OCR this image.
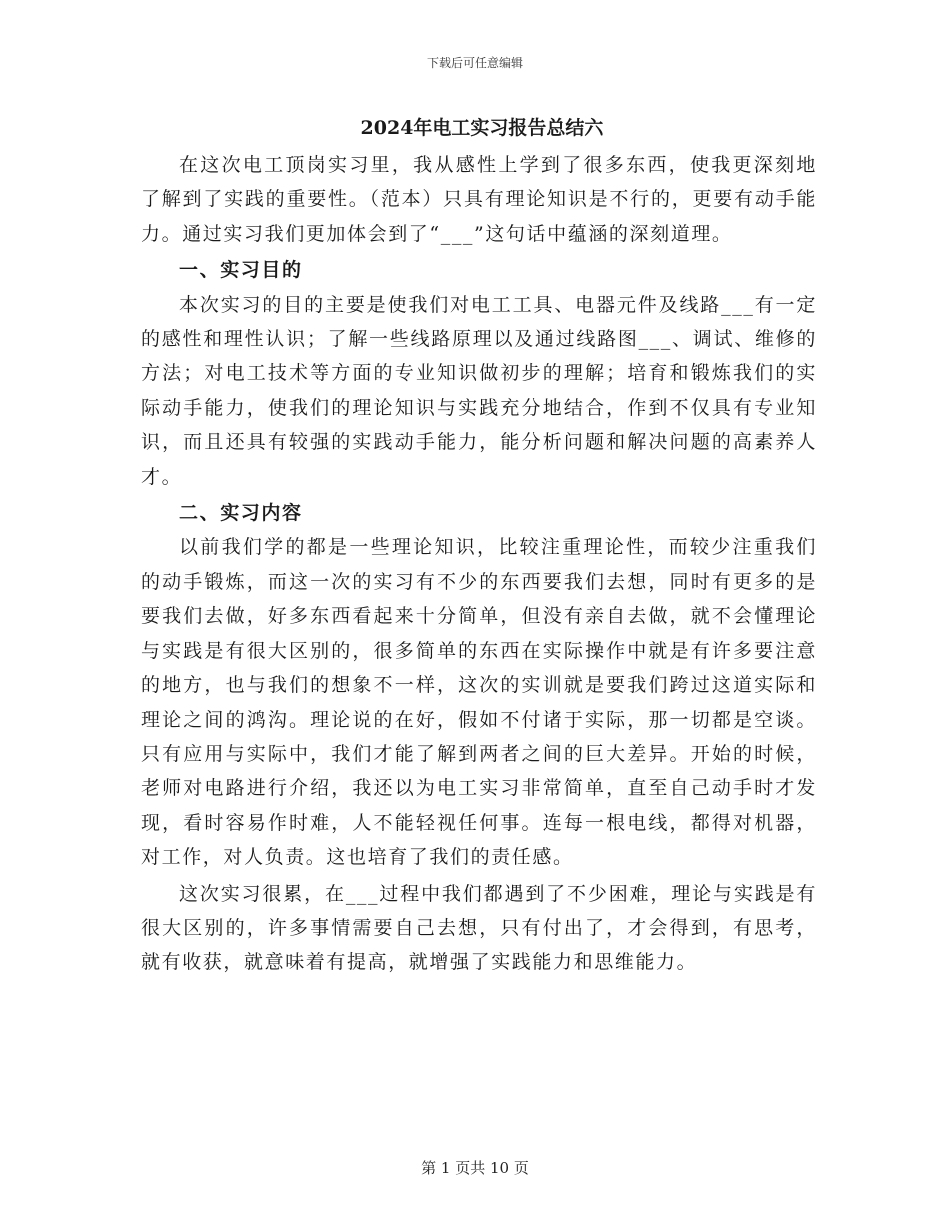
下载后可任意编辑
2024年电工实习报告总结六

在这次电工顶岗实习里，我从感性上学到了很多东西，使我更深刻地了解到了实践的重要性。（范本）只具有理论知识是不行的，更要有动手能力。通过实习我们更加体会到了“___”这句话中蕴涵的深刻道理。

一、实习目的

本次实习的目的主要是使我们对电工工具、电器元件及线路___有一定的感性和理性认识；了解一些线路原理以及通过线路图___、调试、维修的方法；对电工技术等方面的专业知识做初步的理解；培育和锻炼我们的实际动手能力，使我们的理论知识与实践充分地结合，作到不仅具有专业知识，而且还具有较强的实践动手能力，能分析问题和解决问题的高素养人才。

二、实习内容

以前我们学的都是一些理论知识，比较注重理论性，而较少注重我们的动手锻炼，而这一次的实习有不少的东西要我们去想，同时有更多的是要我们去做，好多东西看起来十分简单，但没有亲自去做，就不会懂理论与实践是有很大区别的，很多简单的东西在实际操作中就是有许多要注意的地方，也与我们的想象不一样，这次的实训就是要我们跨过这道实际和理论之间的鸿沟。理论说的在好，假如不付诸于实际，那一切都是空谈。只有应用与实际中，我们才能了解到两者之间的巨大差异。开始的时候，老师对电路进行介绍，我还以为电工实习非常简单，直至自己动手时才发现，看时容易作时难，人不能轻视任何事。连每一根电线，都得对机器，对工作，对人负责。这也培育了我们的责任感。

这次实习很累，在___过程中我们都遇到了不少困难，理论与实践是有很大区别的，许多事情需要自己去想，只有付出了，才会得到，有思考，就有收获，就意味着有提高，就增强了实践能力和思维能力。

第 1 页共 10 页
